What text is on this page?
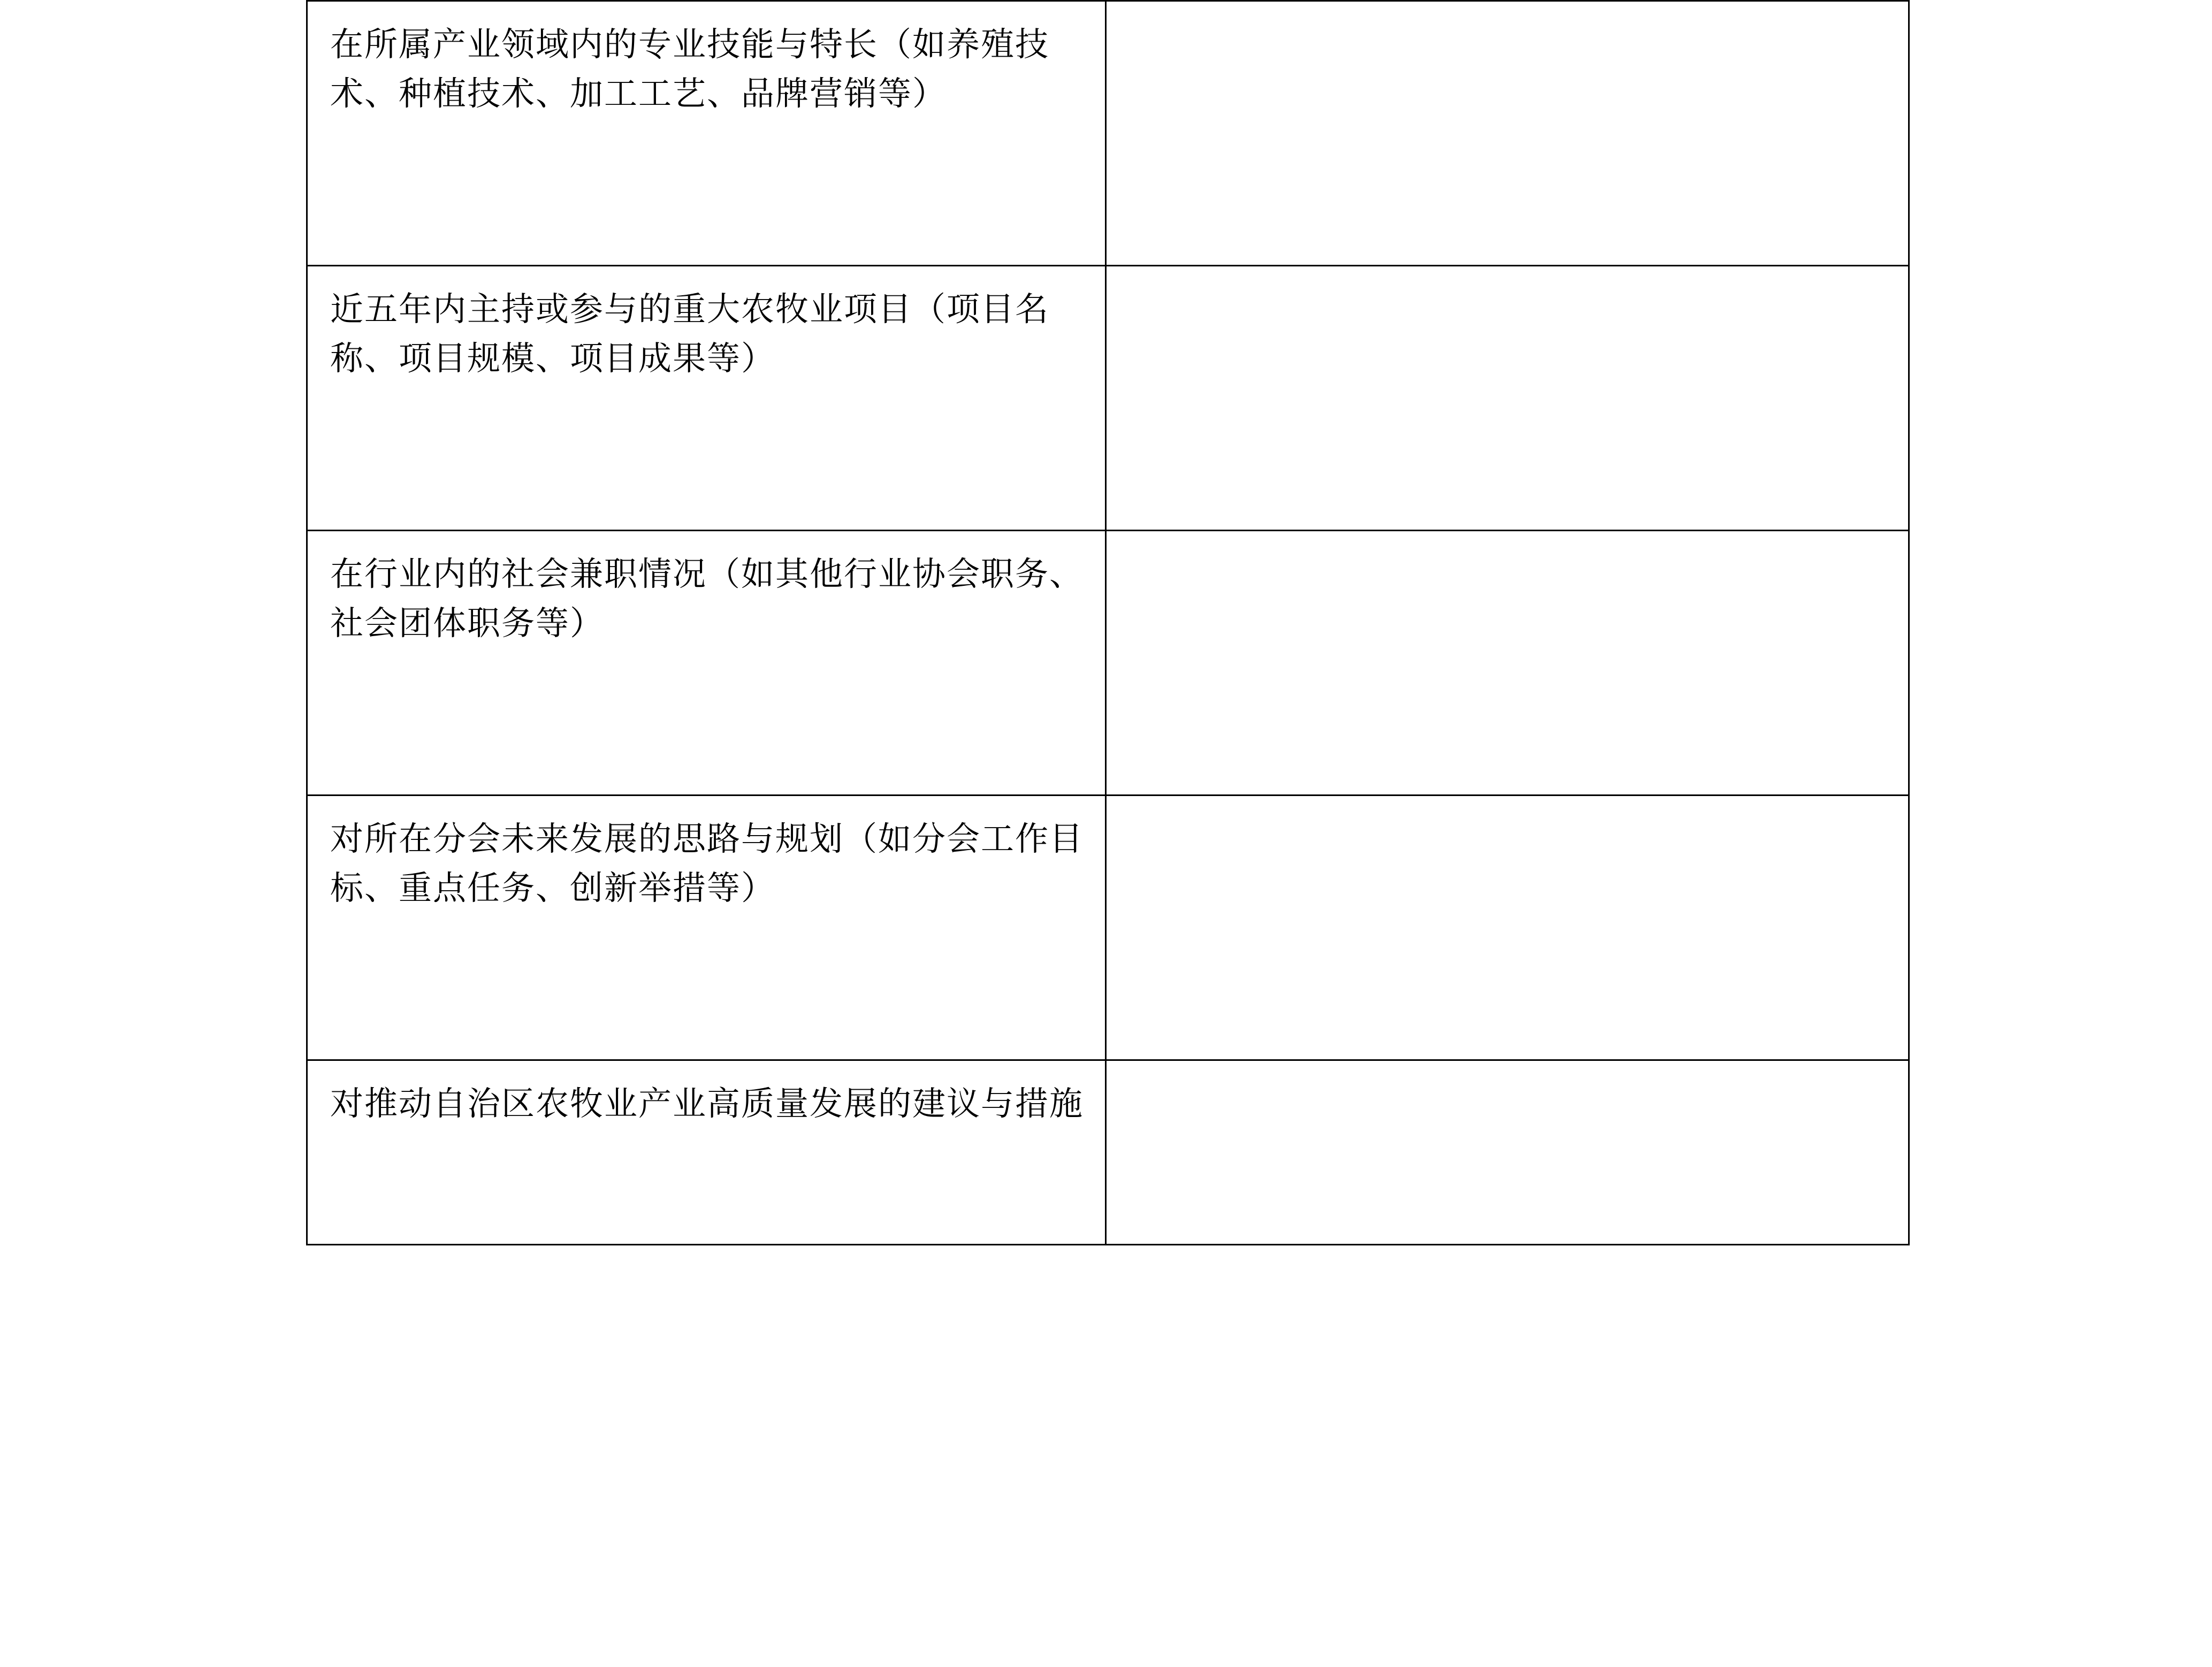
在所属产业领域内的专业技能与特长（如养殖技术、种植技术、加工工艺、品牌营销等）	

近五年内主持或参与的重大农牧业项目（项目名称、项目规模、项目成果等）	

在行业内的社会兼职情况（如其他行业协会职务、社会团体职务等）	

对所在分会未来发展的思路与规划（如分会工作目标、重点任务、创新举措等）	

对推动自治区农牧业产业高质量发展的建议与措施	
